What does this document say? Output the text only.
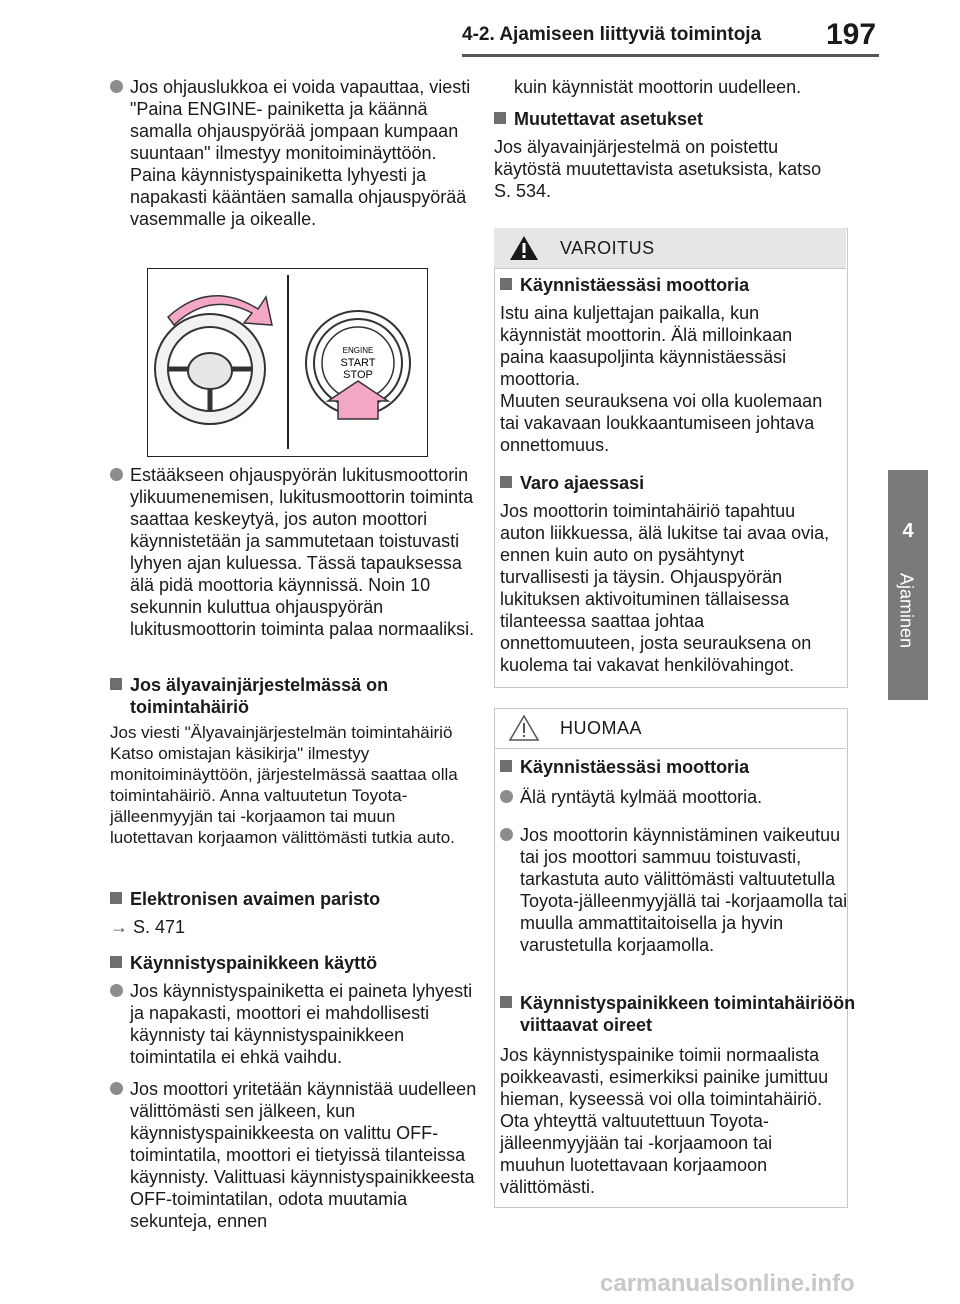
4-2. Ajamiseen liittyviä toimintoja 197
4
Ajaminen
Jos ohjauslukkoa ei voida vapauttaa, viesti "Paina ENGINE- painiketta ja käännä samalla ohjauspyörää jompaan kumpaan suuntaan" ilmestyy monitoiminäyttöön.
Paina käynnistyspainiketta lyhyesti ja napakasti kääntäen samalla ohjauspyörää vasemmalle ja oikealle.
ENGINE
START
STOP
Estääkseen ohjauspyörän lukitusmoottorin ylikuumenemisen, lukitusmoottorin toiminta saattaa keskeytyä, jos auton moottori käynnistetään ja sammutetaan toistuvasti lyhyen ajan kuluessa. Tässä tapauksessa älä pidä moottoria käynnissä. Noin 10 sekunnin kuluttua ohjauspyörän lukitusmoottorin toiminta palaa normaaliksi.
Jos älyavainjärjestelmässä on toimintahäiriö
Jos viesti "Älyavainjärjestelmän toimintahäiriö Katso omistajan käsikirja" ilmestyy monitoiminäyttöön, järjestelmässä saattaa olla toimintahäiriö. Anna valtuutetun Toyota-jälleenmyyjän tai -korjaamon tai muun luotettavan korjaamon välittömästi tutkia auto.
Elektronisen avaimen paristo
→ S. 471
Käynnistyspainikkeen käyttö
Jos käynnistyspainiketta ei paineta lyhyesti ja napakasti, moottori ei mahdollisesti käynnisty tai käynnistyspainikkeen toimintatila ei ehkä vaihdu.
Jos moottori yritetään käynnistää uudelleen välittömästi sen jälkeen, kun käynnistyspainikkeesta on valittu OFF-toimintatila, moottori ei tietyissä tilanteissa käynnisty. Valittuasi käynnistyspainikkeesta OFF-toimintatilan, odota muutamia sekunteja, ennen
kuin käynnistät moottorin uudelleen.
Muutettavat asetukset
Jos älyavainjärjestelmä on poistettu käytöstä muutettavista asetuksista, katso S. 534.
VAROITUS
Käynnistäessäsi moottoria
Istu aina kuljettajan paikalla, kun käynnistät moottorin. Älä milloinkaan paina kaasupoljinta käynnistäessäsi moottoria.
Muuten seurauksena voi olla kuolemaan tai vakavaan loukkaantumiseen johtava onnettomuus.
Varo ajaessasi
Jos moottorin toimintahäiriö tapahtuu auton liikkuessa, älä lukitse tai avaa ovia, ennen kuin auto on pysähtynyt turvallisesti ja täysin. Ohjauspyörän lukituksen aktivoituminen tällaisessa tilanteessa saattaa johtaa onnettomuuteen, josta seurauksena on kuolema tai vakavat henkilövahingot.
HUOMAA
Käynnistäessäsi moottoria
Älä ryntäytä kylmää moottoria.
Jos moottorin käynnistäminen vaikeutuu tai jos moottori sammuu toistuvasti, tarkastuta auto välittömästi valtuutetulla Toyota-jälleenmyyjällä tai -korjaamolla tai muulla ammattitaitoisella ja hyvin varustetulla korjaamolla.
Käynnistyspainikkeen toimintahäiriöön viittaavat oireet
Jos käynnistyspainike toimii normaalista poikkeavasti, esimerkiksi painike jumittuu hieman, kyseessä voi olla toimintahäiriö. Ota yhteyttä valtuutettuun Toyota-jälleenmyyjään tai -korjaamoon tai muuhun luotettavaan korjaamoon välittömästi.
carmanualsonline.info
